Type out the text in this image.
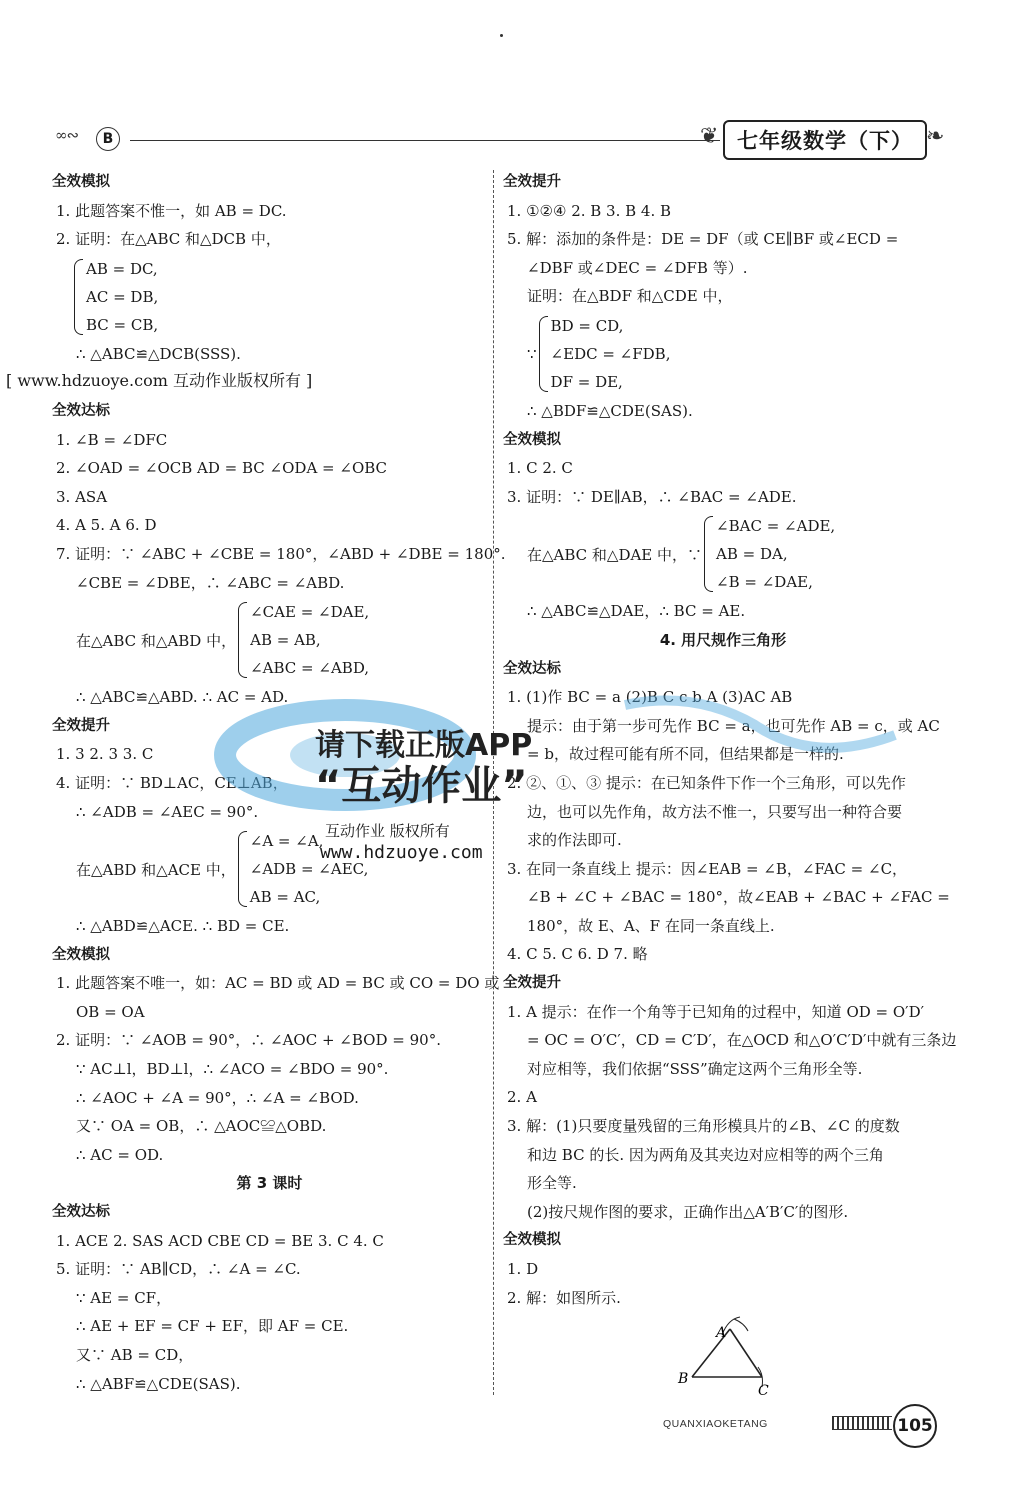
∞∾	B	❦ 七年级数学（下） ❧
全效模拟
1. 此题答案不惟一，如 AB = DC.
2. 证明：在△ABC 和△DCB 中，
AB = DC,
AC = DB,
BC = CB,
∴ △ABC≌△DCB(SSS).
全效达标
1. ∠B = ∠DFC
2. ∠OAD = ∠OCB AD = BC ∠ODA = ∠OBC
3. ASA
4. A 5. A 6. D
7. 证明：∵ ∠ABC + ∠CBE = 180°，∠ABD + ∠DBE = 180°.
∠CBE = ∠DBE，∴ ∠ABC = ∠ABD.
在△ABC 和△ABD 中，
∠CAE = ∠DAE,
AB = AB,
∠ABC = ∠ABD,
∴ △ABC≌△ABD. ∴ AC = AD.
全效提升
1. 3 2. 3 3. C
4. 证明：∵ BD⊥AC，CE⊥AB，
∴ ∠ADB = ∠AEC = 90°.
在△ABD 和△ACE 中，
∠A = ∠A,
∠ADB = ∠AEC,
AB = AC,
∴ △ABD≌△ACE. ∴ BD = CE.
全效模拟
1. 此题答案不唯一，如：AC = BD 或 AD = BC 或 CO = DO 或
OB = OA
2. 证明：∵ ∠AOB = 90°，∴ ∠AOC + ∠BOD = 90°.
∵ AC⊥l，BD⊥l，∴ ∠ACO = ∠BDO = 90°.
∴ ∠AOC + ∠A = 90°，∴ ∠A = ∠BOD.
又∵ OA = OB，∴ △AOC≌△OBD.
∴ AC = OD.
第 3 课时
全效达标
1. ACE 2. SAS ACD CBE CD = BE 3. C 4. C
5. 证明：∵ AB∥CD，∴ ∠A = ∠C.
∵ AE = CF，
∴ AE + EF = CF + EF，即 AF = CE.
又∵ AB = CD，
∴ △ABF≌△CDE(SAS).
[ www.hdzuoye.com 互动作业版权所有 ]
全效提升
1. ①②④ 2. B 3. B 4. B
5. 解：添加的条件是：DE = DF（或 CE∥BF 或∠ECD =
∠DBF 或∠DEC = ∠DFB 等）.
证明：在△BDF 和△CDE 中，
∵
BD = CD,
∠EDC = ∠FDB,
DF = DE,
∴ △BDF≌△CDE(SAS).
全效模拟
1. C 2. C
3. 证明：∵ DE∥AB，∴ ∠BAC = ∠ADE.
在△ABC 和△DAE 中，∵
∠BAC = ∠ADE,
AB = DA,
∠B = ∠DAE,
∴ △ABC≌△DAE，∴ BC = AE.
4. 用尺规作三角形
全效达标
1. (1)作 BC = a (2)B C c b A (3)AC AB
提示：由于第一步可先作 BC = a，也可先作 AB = c，或 AC
= b，故过程可能有所不同，但结果都是一样的.
2. ②、①、③ 提示：在已知条件下作一个三角形，可以先作
边，也可以先作角，故方法不惟一，只要写出一种符合要
求的作法即可.
3. 在同一条直线上 提示：因∠EAB = ∠B，∠FAC = ∠C，
∠B + ∠C + ∠BAC = 180°，故∠EAB + ∠BAC + ∠FAC =
180°，故 E、A、F 在同一条直线上.
4. C 5. C 6. D 7. 略
全效提升
1. A 提示：在作一个角等于已知角的过程中，知道 OD = O′D′
= OC = O′C′，CD = C′D′，在△OCD 和△O′C′D′中就有三条边
对应相等，我们依据“SSS”确定这两个三角形全等.
2. A
3. 解：(1)只要度量残留的三角形模具片的∠B、∠C 的度数
和边 BC 的长. 因为两角及其夹边对应相等的两个三角
形全等.
(2)按尺规作图的要求，正确作出△A′B′C′的图形.
全效模拟
1. D
2. 解：如图所示.
A
B
C
请下载正版APP
“互动作业”
互动作业 版权所有
www.hdzuoye.com
QUANXIAOKETANG	105
